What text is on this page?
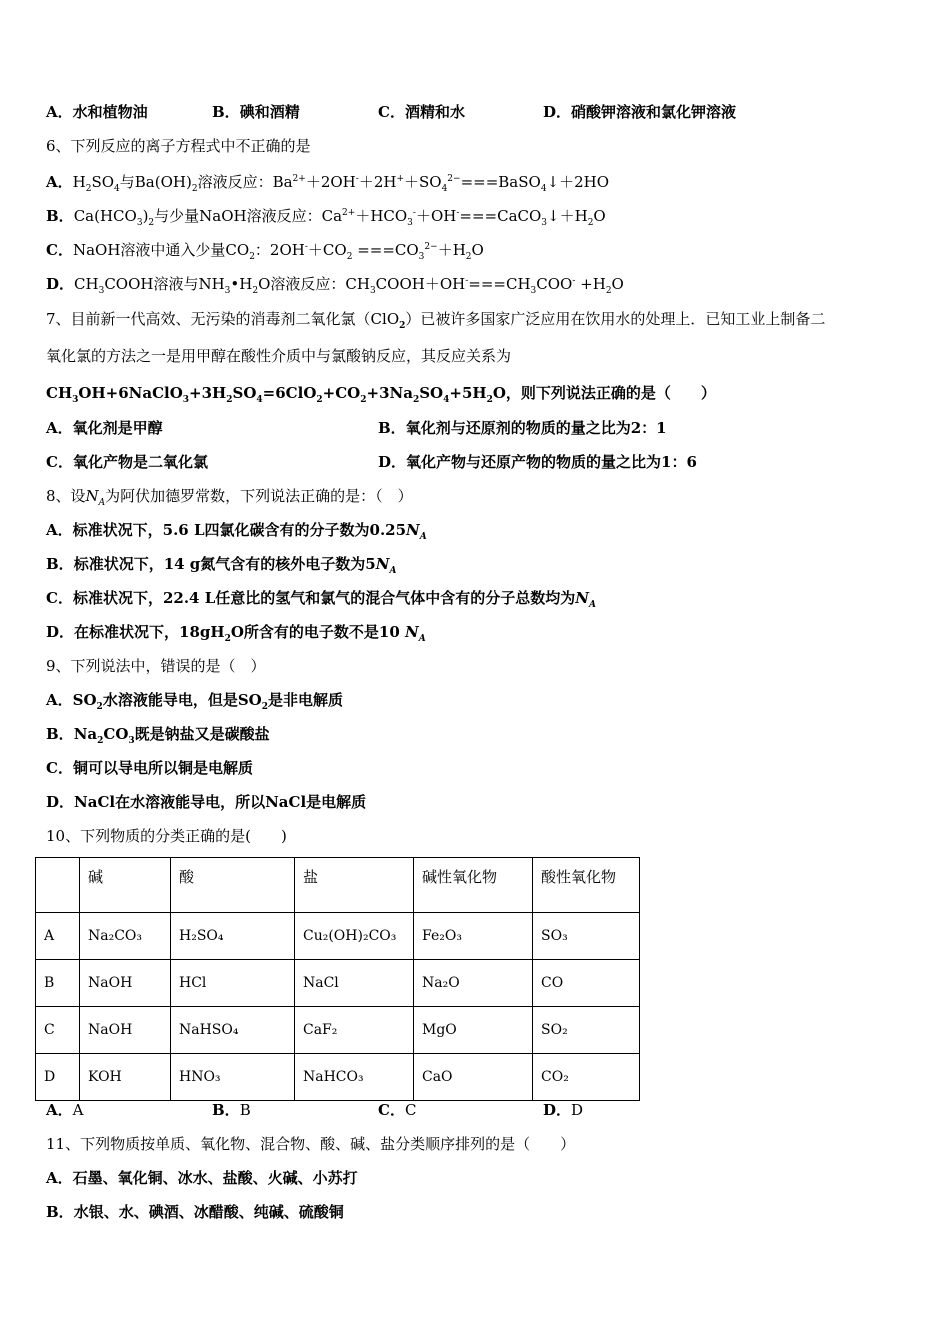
A．水和植物油	B．碘和酒精	C．酒精和水	D．硝酸钾溶液和氯化钾溶液
6、下列反应的离子方程式中不正确的是
A．$H_2SO_4$与$Ba(OH)_2$溶液反应：$Ba^{2+}+2OH^-+2H^++SO_4^{2-}===BaSO_4↓+2HO$
B．$Ca(HCO_3)_2$与少量NaOH溶液反应：$Ca^{2+}+HCO_3^-+OH^-===CaCO_3↓+H_2O$
C．NaOH溶液中通入少量$CO_2$：$2OH^-+CO_2 ===CO_3^{2-}+H_2O$
D．$CH_3COOH$溶液与$NH_3•H_2O$溶液反应：$CH_3COOH+OH^-===CH_3COO^- +H_2O$
7、目前新一代高效、无污染的消毒剂二氧化氯（ClO$_2$）已被许多国家广泛应用在饮用水的处理上．已知工业上制备二
氧化氯的方法之一是用甲醇在酸性介质中与氯酸钠反应，其反应关系为
$CH_3OH+6NaClO_3+3H_2SO_4=6ClO_2+CO_2+3Na_2SO_4+5H_2O$，则下列说法正确的是（　　）
A．氧化剂是甲醇	B．氧化剂与还原剂的物质的量之比为2：1
C．氧化产物是二氧化氯	D．氧化产物与还原产物的物质的量之比为1：6
8、设$N_A$为阿伏加德罗常数，下列说法正确的是：（　）
A．标准状况下，5.6 L四氯化碳含有的分子数为$0.25N_A$
B．标准状况下，14 g氮气含有的核外电子数为$5N_A$
C．标准状况下，22.4 L任意比的氢气和氯气的混合气体中含有的分子总数均为$N_A$
D．在标准状况下，$18gH_2O$所含有的电子数不是10 $N_A$
9、下列说法中，错误的是（　）
A．$SO_2$水溶液能导电，但是$SO_2$是非电解质
B．$Na_2CO_3$既是钠盐又是碳酸盐
C．铜可以导电所以铜是电解质
D．NaCl在水溶液能导电，所以NaCl是电解质
10、下列物质的分类正确的是(　　)
	碱	酸	盐	碱性氧化物	酸性氧化物
A	Na₂CO₃	H₂SO₄	Cu₂(OH)₂CO₃	Fe₂O₃	SO₃
B	NaOH	HCl	NaCl	Na₂O	CO
C	NaOH	NaHSO₄	CaF₂	MgO	SO₂
D	KOH	HNO₃	NaHCO₃	CaO	CO₂
A．A	B．B	C．C	D．D
11、下列物质按单质、氧化物、混合物、酸、碱、盐分类顺序排列的是（　　）
A．石墨、氧化铜、冰水、盐酸、火碱、小苏打
B．水银、水、碘酒、冰醋酸、纯碱、硫酸铜
